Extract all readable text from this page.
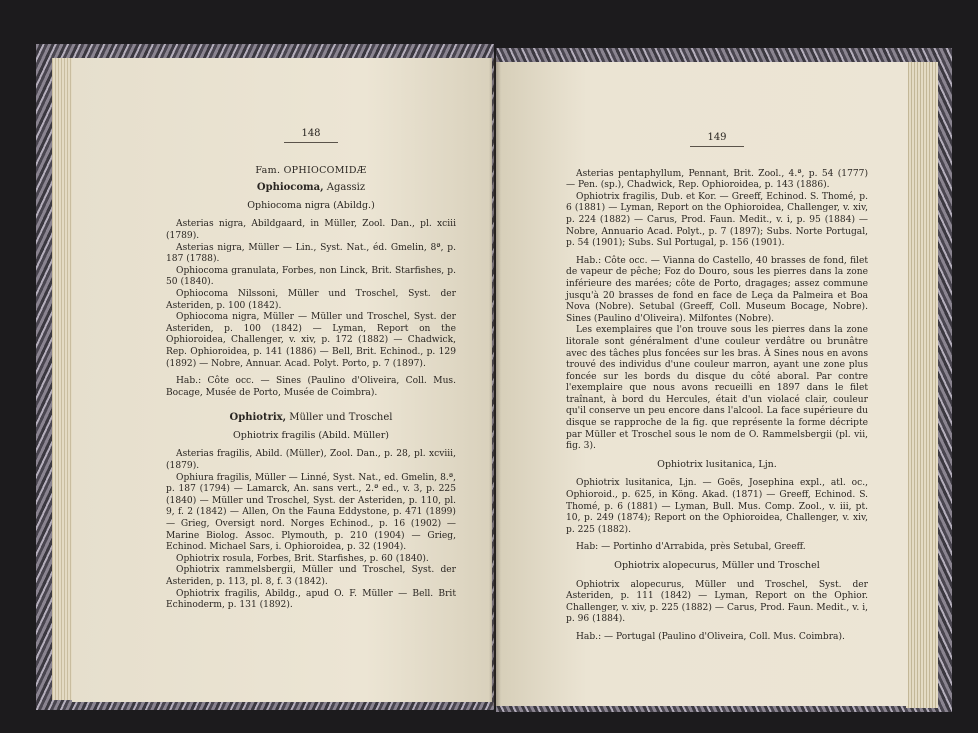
148
Fam. OPHIOCOMIDÆ
Ophiocoma, Agassiz
Ophiocoma nigra (Abildg.)

Asterias nigra, Abildgaard, in Müller, Zool. Dan., pl. xciii (1789).

Asterias nigra, Müller — Lin., Syst. Nat., éd. Gmelin, 8ª, p. 187 (1788).

Ophiocoma granulata, Forbes, non Linck, Brit. Starfishes, p. 50 (1840).

Ophiocoma Nilssoni, Müller und Troschel, Syst. der Asteriden, p. 100 (1842).

Ophiocoma nigra, Müller — Müller und Troschel, Syst. der Asteriden, p. 100 (1842) — Lyman, Report on the Ophioroidea, Challenger, v. xiv, p. 172 (1882) — Chadwick, Rep. Ophioroidea, p. 141 (1886) — Bell, Brit. Echinod., p. 129 (1892) — Nobre, Annuar. Acad. Polyt. Porto, p. 7 (1897).

Hab.: Côte occ. — Sines (Paulino d'Oliveira, Coll. Mus. Bocage, Musée de Porto, Musée de Coimbra).

Ophiotrix, Müller und Troschel
Ophiotrix fragilis (Abild. Müller)

Asterias fragilis, Abild. (Müller), Zool. Dan., p. 28, pl. xcviii, (1879).

Ophiura fragilis, Müller — Linné, Syst. Nat., ed. Gmelin, 8.ª, p. 187 (1794) — Lamarck, An. sans vert., 2.ª ed., v. 3, p. 225 (1840) — Müller und Troschel, Syst. der Asteriden, p. 110, pl. 9, f. 2 (1842) — Allen, On the Fauna Eddystone, p. 471 (1899) — Grieg, Oversigt nord. Norges Echinod., p. 16 (1902) — Marine Biolog. Assoc. Plymouth, p. 210 (1904) — Grieg, Echinod. Michael Sars, i. Ophioroidea, p. 32 (1904).

Ophiotrix rosula, Forbes, Brit. Starfishes, p. 60 (1840).

Ophiotrix rammelsbergii, Müller und Troschel, Syst. der Asteriden, p. 113, pl. 8, f. 3 (1842).

Ophiotrix fragilis, Abildg., apud O. F. Müller — Bell. Brit Echinoderm, p. 131 (1892).

149

Asterias pentaphyllum, Pennant, Brit. Zool., 4.ª, p. 54 (1777) — Pen. (sp.), Chadwick, Rep. Ophioroidea, p. 143 (1886).

Ophiotrix fragilis, Dub. et Kor. — Greeff, Echinod. S. Thomé, p. 6 (1881) — Lyman, Report on the Ophioroidea, Challenger, v. xiv, p. 224 (1882) — Carus, Prod. Faun. Medit., v. i, p. 95 (1884) — Nobre, Annuario Acad. Polyt., p. 7 (1897); Subs. Norte Portugal, p. 54 (1901); Subs. Sul Portugal, p. 156 (1901).

Hab.: Côte occ. — Vianna do Castello, 40 brasses de fond, filet de vapeur de pêche; Foz do Douro, sous les pierres dans la zone inférieure des marées; côte de Porto, dragages; assez commune jusqu'à 20 brasses de fond en face de Leça da Palmeira et Boa Nova (Nobre). Setubal (Greeff, Coll. Museum Bocage, Nobre). Sines (Paulino d'Oliveira). Milfontes (Nobre).

Les exemplaires que l'on trouve sous les pierres dans la zone litorale sont généralment d'une couleur verdâtre ou brunâtre avec des tâches plus foncées sur les bras. À Sines nous en avons trouvé des individus d'une couleur marron, ayant une zone plus foncée sur les bords du disque du côté aboral. Par contre l'exemplaire que nous avons recueilli en 1897 dans le filet traînant, à bord du Hercules, était d'un violacé clair, couleur qu'il conserve un peu encore dans l'alcool. La face supérieure du disque se rapproche de la fig. que représente la forme décripte par Müller et Troschel sous le nom de O. Rammelsbergii (pl. vii, fig. 3).

Ophiotrix lusitanica, Ljn.

Ophiotrix lusitanica, Ljn. — Goës, Josephina expl., atl. oc., Ophioroid., p. 625, in Köng. Akad. (1871) — Greeff, Echinod. S. Thomé, p. 6 (1881) — Lyman, Bull. Mus. Comp. Zool., v. iii, pt. 10, p. 249 (1874); Report on the Ophioroidea, Challenger, v. xiv, p. 225 (1882).

Hab: — Portinho d'Arrabida, près Setubal, Greeff.

Ophiotrix alopecurus, Müller und Troschel

Ophiotrix alopecurus, Müller und Troschel, Syst. der Asteriden, p. 111 (1842) — Lyman, Report on the Ophior. Challenger, v. xiv, p. 225 (1882) — Carus, Prod. Faun. Medit., v. i, p. 96 (1884).

Hab.: — Portugal (Paulino d'Oliveira, Coll. Mus. Coimbra).
